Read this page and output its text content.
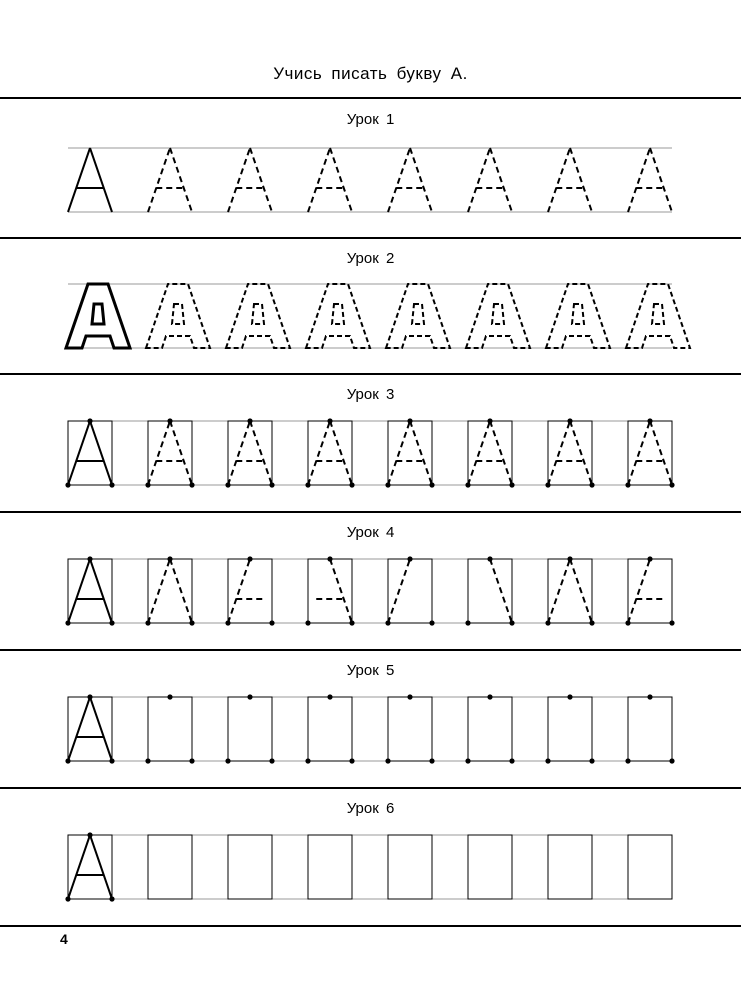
Учись писать букву А.
Урок 1
Урок 2
Урок 3
Урок 4
Урок 5
Урок 6
4
